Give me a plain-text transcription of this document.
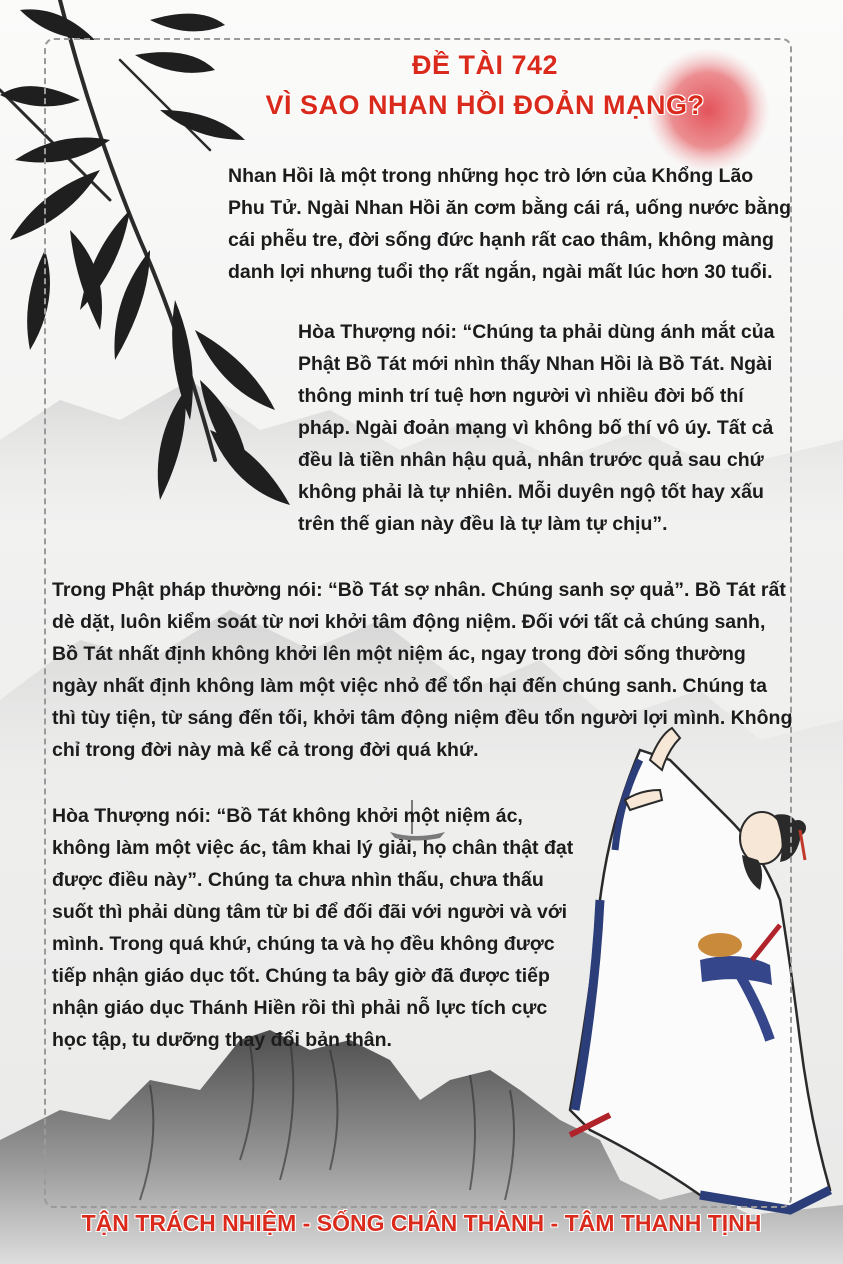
ĐỀ TÀI 742
VÌ SAO NHAN HỒI ĐOẢN MẠNG?

Nhan Hồi là một trong những học trò lớn của Khổng Lão Phu Tử. Ngài Nhan Hồi ăn cơm bằng cái rá, uống nước bằng cái phễu tre, đời sống đức hạnh rất cao thâm, không màng danh lợi nhưng tuổi thọ rất ngắn, ngài mất lúc hơn 30 tuổi.

Hòa Thượng nói: “Chúng ta phải dùng ánh mắt của Phật Bồ Tát mới nhìn thấy Nhan Hồi là Bồ Tát. Ngài thông minh trí tuệ hơn người vì nhiều đời bố thí pháp. Ngài đoản mạng vì không bố thí vô úy. Tất cả đều là tiền nhân hậu quả, nhân trước quả sau chứ không phải là tự nhiên. Mỗi duyên ngộ tốt hay xấu trên thế gian này đều là tự làm tự chịu”.

Trong Phật pháp thường nói: “Bồ Tát sợ nhân. Chúng sanh sợ quả”. Bồ Tát rất dè dặt, luôn kiểm soát từ nơi khởi tâm động niệm. Đối với tất cả chúng sanh, Bồ Tát nhất định không khởi lên một niệm ác, ngay trong đời sống thường ngày nhất định không làm một việc nhỏ để tổn hại đến chúng sanh. Chúng ta thì tùy tiện, từ sáng đến tối, khởi tâm động niệm đều tổn người lợi mình. Không chỉ trong đời này mà kể cả trong đời quá khứ.

Hòa Thượng nói: “Bồ Tát không khởi một niệm ác, không làm một việc ác, tâm khai lý giải, họ chân thật đạt được điều này”. Chúng ta chưa nhìn thấu, chưa thấu suốt thì phải dùng tâm từ bi để đối đãi với người và với mình. Trong quá khứ, chúng ta và họ đều không được tiếp nhận giáo dục tốt. Chúng ta bây giờ đã được tiếp nhận giáo dục Thánh Hiền rồi thì phải nỗ lực tích cực học tập, tu dưỡng thay đổi bản thân.

TẬN TRÁCH NHIỆM - SỐNG CHÂN THÀNH - TÂM THANH TỊNH
